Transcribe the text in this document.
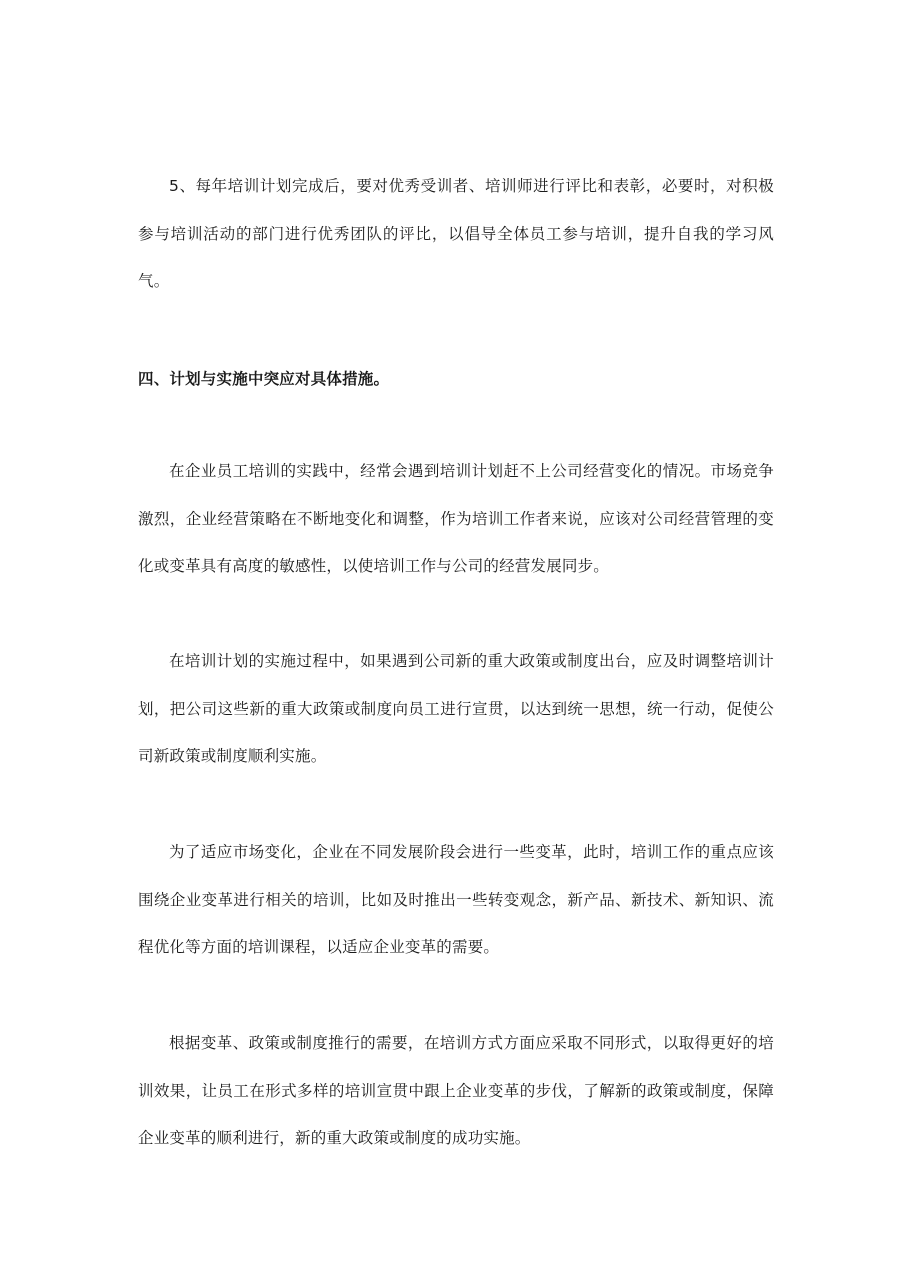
5、每年培训计划完成后，要对优秀受训者、培训师进行评比和表彰，必要时，对积极参与培训活动的部门进行优秀团队的评比，以倡导全体员工参与培训，提升自我的学习风气。

四、计划与实施中突应对具体措施。

在企业员工培训的实践中，经常会遇到培训计划赶不上公司经营变化的情况。市场竞争激烈，企业经营策略在不断地变化和调整，作为培训工作者来说，应该对公司经营管理的变化或变革具有高度的敏感性，以使培训工作与公司的经营发展同步。

在培训计划的实施过程中，如果遇到公司新的重大政策或制度出台，应及时调整培训计划，把公司这些新的重大政策或制度向员工进行宣贯，以达到统一思想，统一行动，促使公司新政策或制度顺利实施。

为了适应市场变化，企业在不同发展阶段会进行一些变革，此时，培训工作的重点应该围绕企业变革进行相关的培训，比如及时推出一些转变观念，新产品、新技术、新知识、流程优化等方面的培训课程，以适应企业变革的需要。

根据变革、政策或制度推行的需要，在培训方式方面应采取不同形式，以取得更好的培训效果，让员工在形式多样的培训宣贯中跟上企业变革的步伐，了解新的政策或制度，保障企业变革的顺利进行，新的重大政策或制度的成功实施。
